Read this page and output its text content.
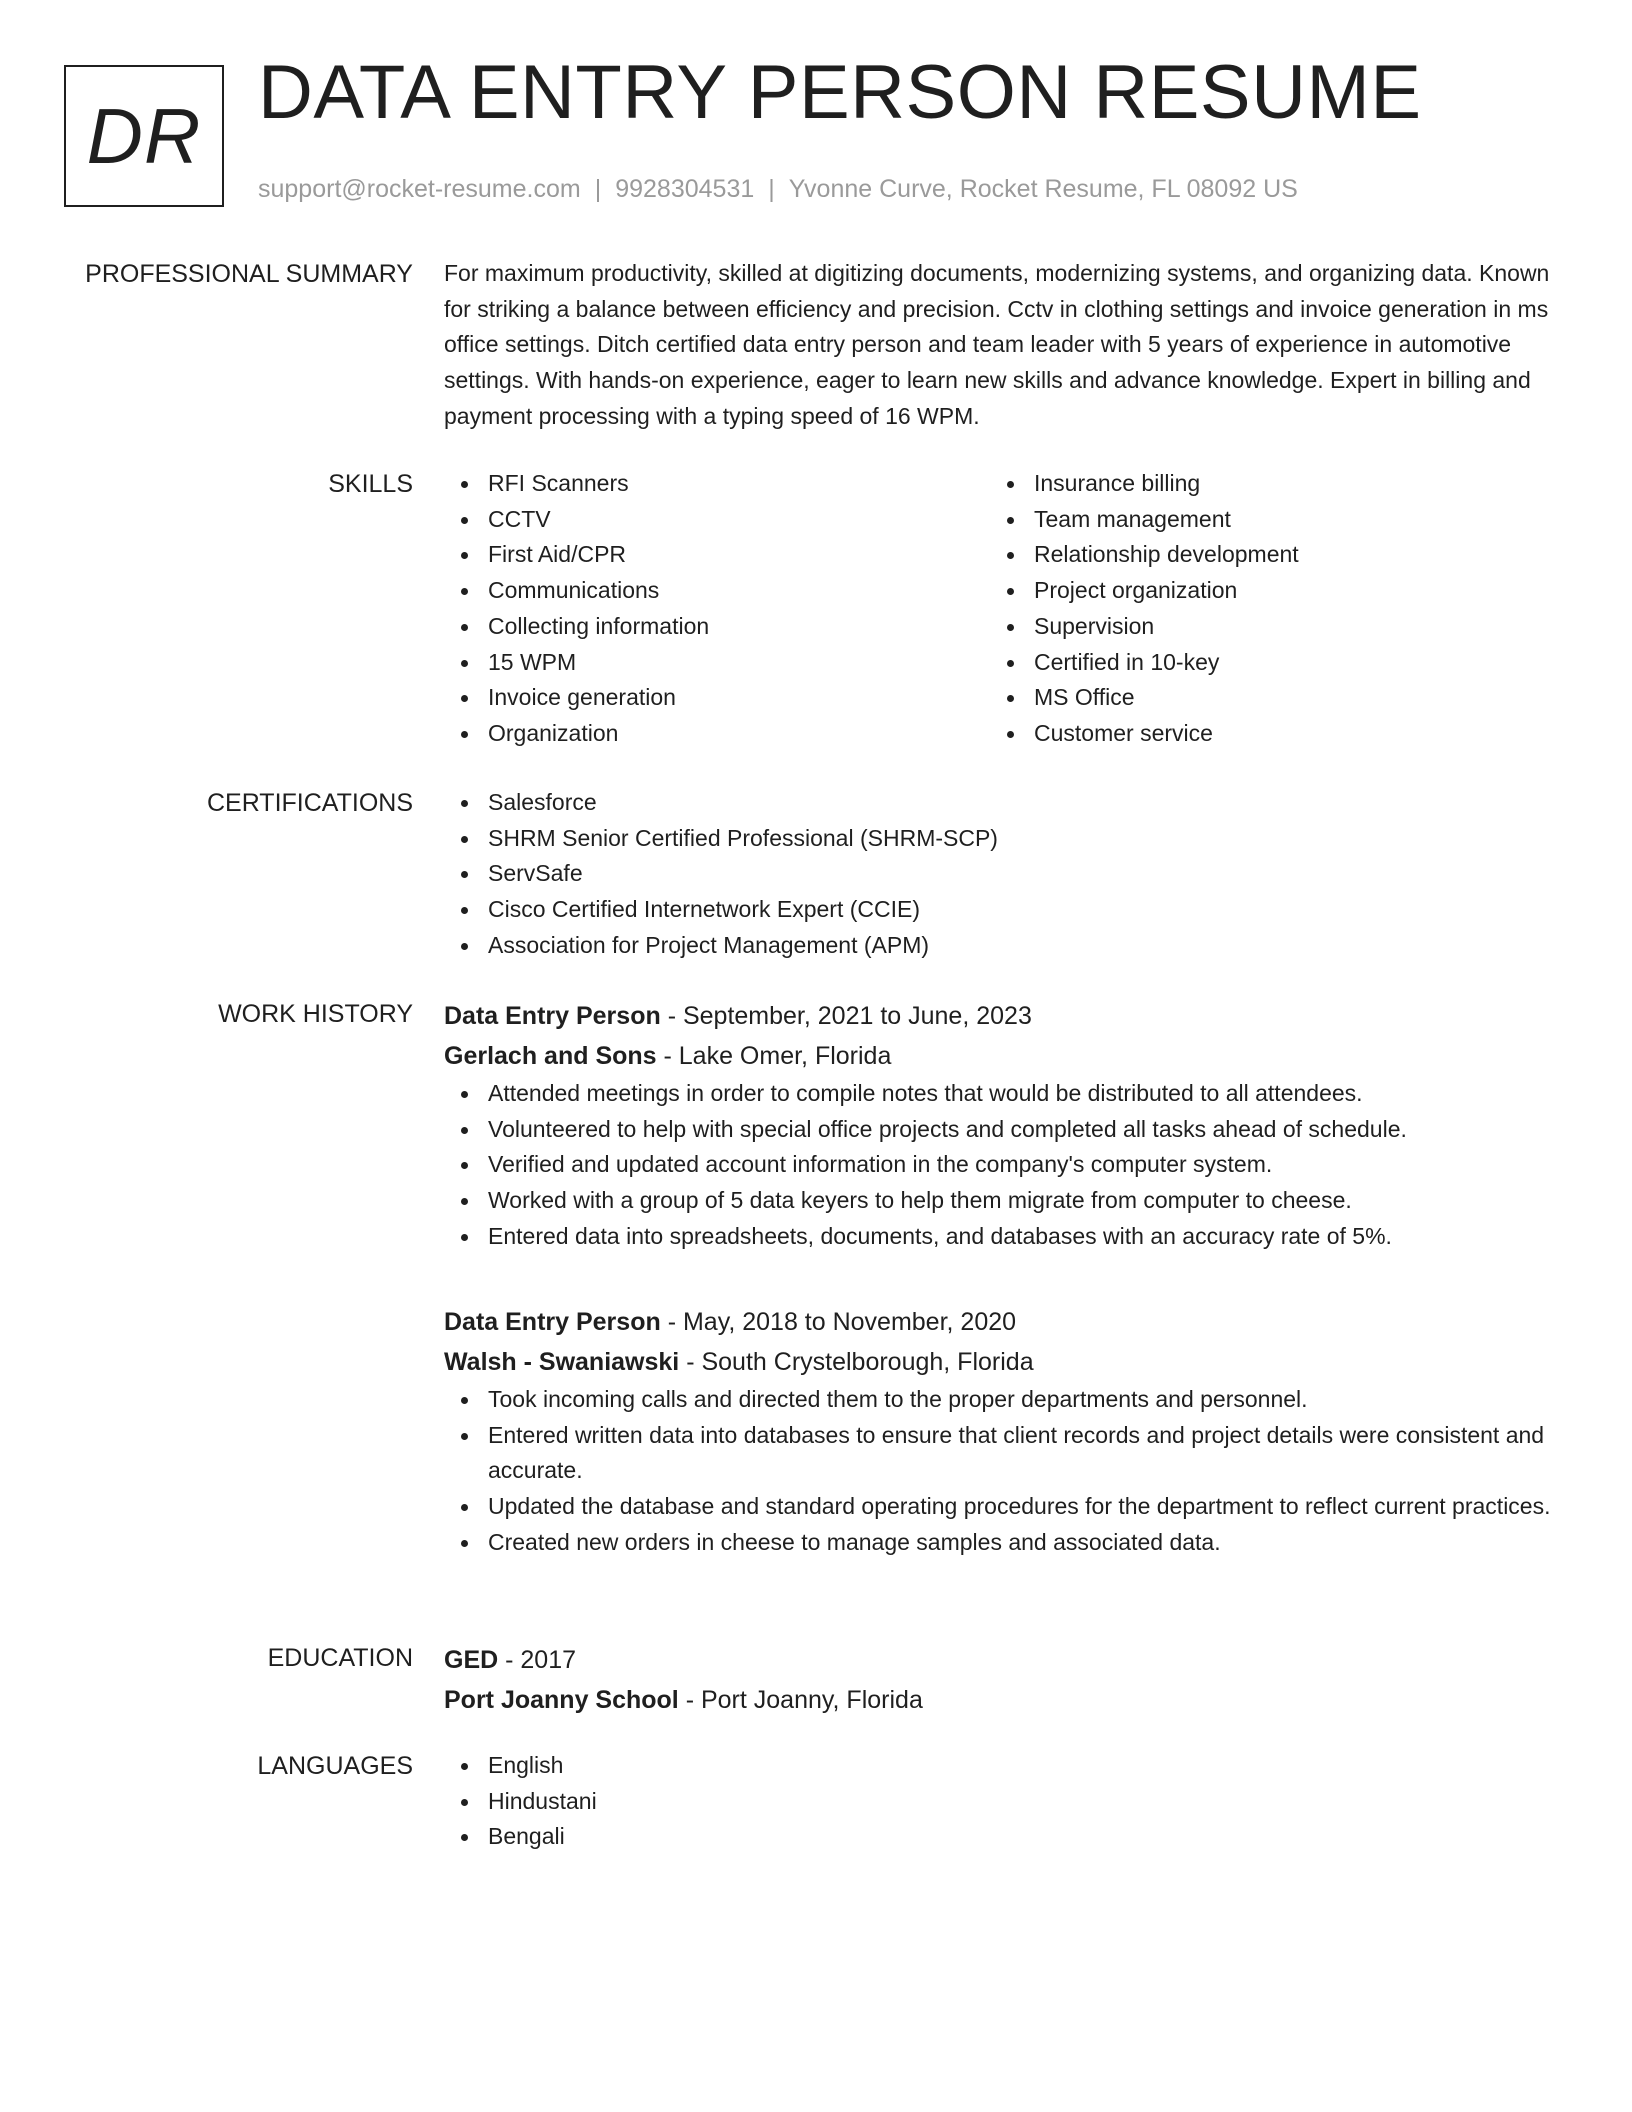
DR DATA ENTRY PERSON RESUME
support@rocket-resume.com | 9928304531 | Yvonne Curve, Rocket Resume, FL 08092 US
PROFESSIONAL SUMMARY For maximum productivity, skilled at digitizing documents, modernizing systems, and organizing data. Known for striking a balance between efficiency and precision. Cctv in clothing settings and invoice generation in ms office settings. Ditch certified data entry person and team leader with 5 years of experience in automotive settings. With hands-on experience, eager to learn new skills and advance knowledge. Expert in billing and payment processing with a typing speed of 16 WPM.

SKILLS	RFI Scanners
CCTV
First Aid/CPR
Communications
Collecting information
15 WPM
Invoice generation
Organization
Insurance billing
Team management
Relationship development
Project organization
Supervision
Certified in 10-key
MS Office
Customer service
CERTIFICATIONS	Salesforce
SHRM Senior Certified Professional (SHRM-SCP)
ServSafe
Cisco Certified Internetwork Expert (CCIE)
Association for Project Management (APM)
WORK HISTORY Data Entry Person - September, 2021 to June, 2023
Gerlach and Sons - Lake Omer, Florida
Attended meetings in order to compile notes that would be distributed to all attendees.
Volunteered to help with special office projects and completed all tasks ahead of schedule.
Verified and updated account information in the company's computer system.
Worked with a group of 5 data keyers to help them migrate from computer to cheese.
Entered data into spreadsheets, documents, and databases with an accuracy rate of 5%.
Data Entry Person - May, 2018 to November, 2020
Walsh - Swaniawski - South Crystelborough, Florida
Took incoming calls and directed them to the proper departments and personnel.
Entered written data into databases to ensure that client records and project details were consistent and accurate.
Updated the database and standard operating procedures for the department to reflect current practices.
Created new orders in cheese to manage samples and associated data.
EDUCATION GED - 2017
Port Joanny School - Port Joanny, Florida
LANGUAGES	English
Hindustani
Bengali
